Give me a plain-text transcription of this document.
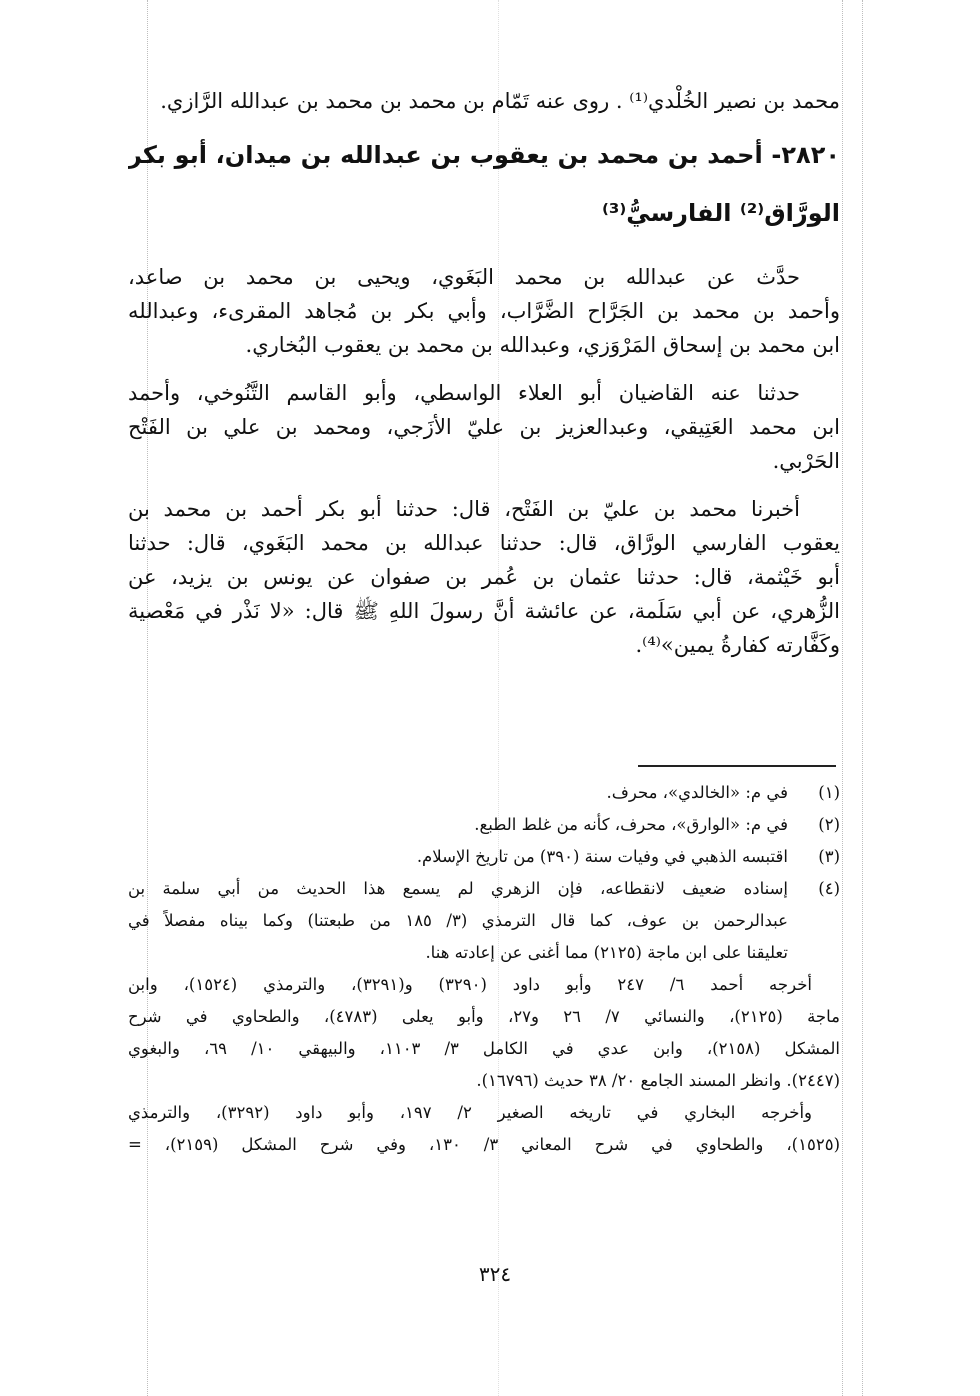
محمد بن نصير الخُلْدي⁽¹⁾ . روى عنه تَمّام بن محمد بن محمد بن عبدالله الرَّازي.
٢٨٢٠- أحمد بن محمد بن يعقوب بن عبدالله بن ميدان، أبو بكر
الورَّاق⁽²⁾ الفارسيُّ⁽³⁾
حدَّث عن عبدالله بن محمد البَغَوي، ويحيى بن محمد بن صاعد،
وأحمد بن محمد بن الجَرَّاح الضَّرَّاب، وأبي بكر بن مُجاهد المقرىء، وعبدالله
ابن محمد بن إسحاق المَرْوَزي، وعبدالله بن محمد بن يعقوب البُخاري.
حدثنا عنه القاضيان أبو العلاء الواسطي، وأبو القاسم التَّنُوخي، وأحمد
ابن محمد العَتِيقي، وعبدالعزيز بن عليّ الأزَجي، ومحمد بن علي بن الفَتْح
الحَرْبي.
أخبرنا محمد بن عليّ بن الفَتْح، قال: حدثنا أبو بكر أحمد بن محمد بن
يعقوب الفارسي الورَّاق، قال: حدثنا عبدالله بن محمد البَغَوي، قال: حدثنا
أبو خَيْثمة، قال: حدثنا عثمان بن عُمر بن صفوان عن يونس بن يزيد، عن
الزُّهري، عن أبي سَلَمة، عن عائشة أنَّ رسولَ اللهِ ﷺ قال: «لا نَذْر في مَعْصية
وكَفَّارته كفارةُ يمين»⁽⁴⁾.
(١)
في م: «الخالدي»، محرف.
(٢)
في م: «الوارق»، محرف، كأنه من غلط الطبع.
(٣)
اقتبسه الذهبي في وفيات سنة (٣٩٠) من تاريخ الإسلام.
(٤)
إسناده ضعيف لانقطاعه، فإن الزهري لم يسمع هذا الحديث من أبي سلمة بن
عبدالرحمن بن عوف، كما قال الترمذي (٣/ ١٨٥ من طبعتنا) وكما بيناه مفصلاً في
تعليقنا على ابن ماجة (٢١٢٥) مما أغنى عن إعادته هنا.
أخرجه أحمد ٦/ ٢٤٧ وأبو داود (٣٢٩٠) و(٣٢٩١)، والترمذي (١٥٢٤)، وابن
ماجة (٢١٢٥)، والنسائي ٧/ ٢٦ و٢٧، وأبو يعلى (٤٧٨٣)، والطحاوي في شرح
المشكل (٢١٥٨)، وابن عدي في الكامل ٣/ ١١٠٣، والبيهقي ١٠/ ٦٩، والبغوي
(٢٤٤٧). وانظر المسند الجامع ٢٠/ ٣٨ حديث (١٦٧٩٦).
وأخرجه البخاري في تاريخه الصغير ٢/ ١٩٧، وأبو داود (٣٢٩٢)، والترمذي
(١٥٢٥)، والطحاوي في شرح المعاني ٣/ ١٣٠، وفي شرح المشكل (٢١٥٩)، =
٣٢٤
